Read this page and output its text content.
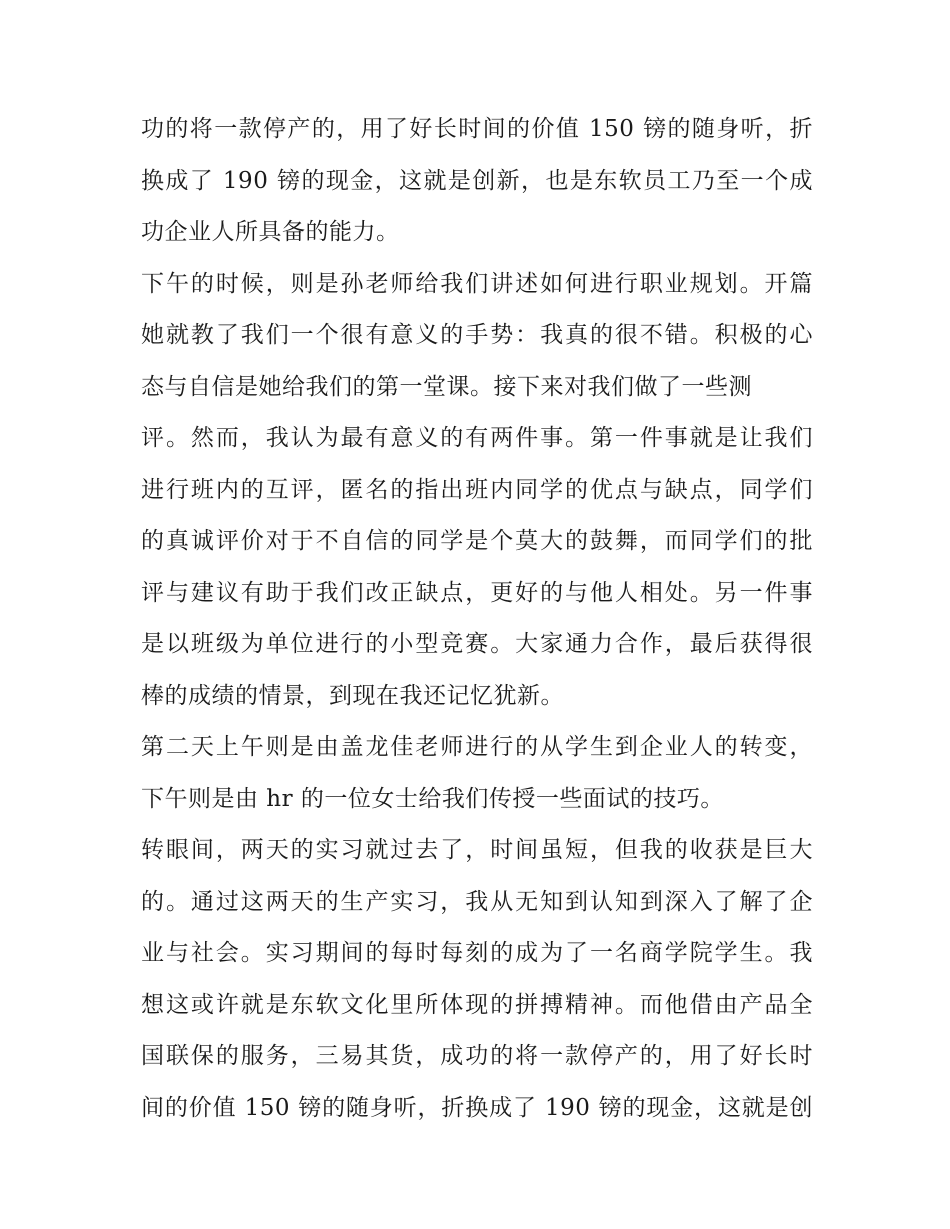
功的将一款停产的，用了好长时间的价值 150 镑的随身听，折
换成了 190 镑的现金，这就是创新，也是东软员工乃至一个成
功企业人所具备的能力。
下午的时候，则是孙老师给我们讲述如何进行职业规划。开篇
她就教了我们一个很有意义的手势：我真的很不错。积极的心
态与自信是她给我们的第一堂课。接下来对我们做了一些测
评。然而，我认为最有意义的有两件事。第一件事就是让我们
进行班内的互评，匿名的指出班内同学的优点与缺点，同学们
的真诚评价对于不自信的同学是个莫大的鼓舞，而同学们的批
评与建议有助于我们改正缺点，更好的与他人相处。另一件事
是以班级为单位进行的小型竞赛。大家通力合作，最后获得很
棒的成绩的情景，到现在我还记忆犹新。
第二天上午则是由盖龙佳老师进行的从学生到企业人的转变，
下午则是由 hr 的一位女士给我们传授一些面试的技巧。
转眼间，两天的实习就过去了，时间虽短，但我的收获是巨大
的。通过这两天的生产实习，我从无知到认知到深入了解了企
业与社会。实习期间的每时每刻的成为了一名商学院学生。我
想这或许就是东软文化里所体现的拼搏精神。而他借由产品全
国联保的服务，三易其货，成功的将一款停产的，用了好长时
间的价值 150 镑的随身听，折换成了 190 镑的现金，这就是创
